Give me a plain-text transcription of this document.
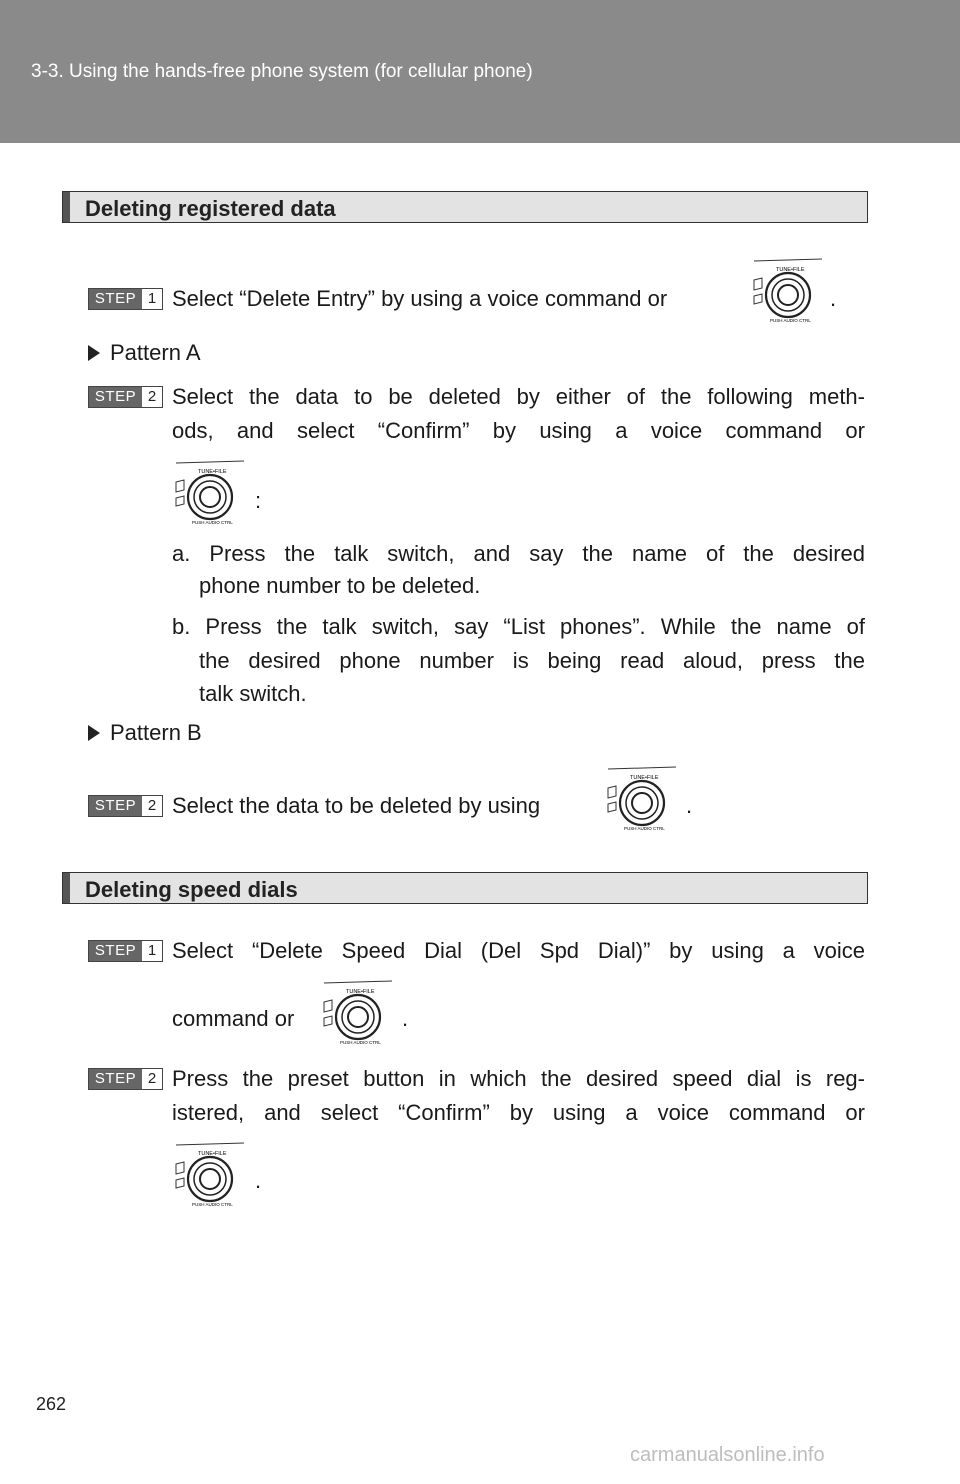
3-3. Using the hands-free phone system (for cellular phone)
Deleting registered data
STEP 1 Select “Delete Entry” by using a voice command or
TUNE•FILE
PUSH AUDIO CTRL
.
Pattern A
STEP 2 Select the data to be deleted by either of the following meth-
ods, and select “Confirm” by using a voice command or
TUNE•FILE
PUSH AUDIO CTRL
:
a. Press the talk switch, and say the name of the desired
phone number to be deleted.
b. Press the talk switch, say “List phones”. While the name of
the desired phone number is being read aloud, press the
talk switch.
Pattern B
STEP 2 Select the data to be deleted by using
TUNE•FILE
PUSH AUDIO CTRL
.
Deleting speed dials
STEP 1 Select “Delete Speed Dial (Del Spd Dial)” by using a voice
command or
TUNE•FILE
PUSH AUDIO CTRL
.
STEP 2 Press the preset button in which the desired speed dial is reg-
istered, and select “Confirm” by using a voice command or
TUNE•FILE
PUSH AUDIO CTRL
.
262
carmanualsonline.info
